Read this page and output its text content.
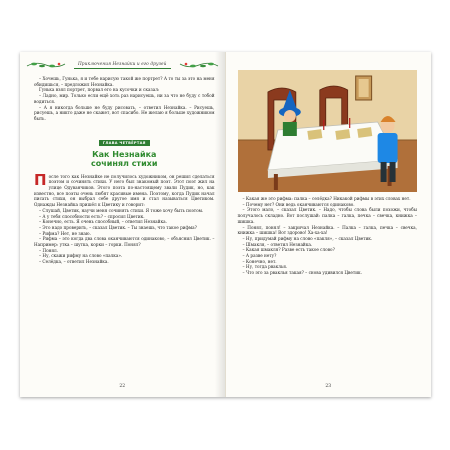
Приключения Незнайки и его друзей

– Хочешь, Гунька, я и тебе нарисую такой же портрет? А то ты за это на меня обидишься, – предложил Незнайка.

Гунька взял портрет, порвал его на кусочки и сказал:

– Ладно, мир. Только если ещё хоть раз нарисуешь, ни за что не буду с тобой водиться.

– А я никогда больше не буду рисовать, – ответил Незнайка. – Рисуешь, рисуешь, а никто даже не скажет, вот спасибо. Не желаю я больше художником быть.

ГЛАВА ЧЕТВЁРТАЯ
Как Незнайка
сочинял стихи

После того как Незнайке не получилось художником, он решил сделаться поэтом и сочинять стихи. У него был знакомый поэт. Этот поэт жил на улице Одуванчиков. Этого поэта по-настоящему звали Пудик, но, как известно, все поэты очень любят красивые имена. Поэтому, когда Пудик начал писать стихи, он выбрал себе другое имя и стал называться Цветиком. Однажды Незнайка пришёл к Цветику и говорит:

– Слушай, Цветик, научи меня сочинять стихи. Я тоже хочу быть поэтом.

– А у тебя способности есть? – спросил Цветик.

– Конечно, есть. Я очень способный, – ответил Незнайка.

– Это надо проверить, – сказал Цветик. – Ты знаешь, что такое рифма?

– Рифма? Нет, не знаю.

– Рифма – это когда два слова оканчиваются одинаково, – объяснил Цветик. – Например: утка – шутка, корки – горки. Понял?

– Понял.

– Ну, скажи рифму на слово «палка».

– Селёдка, – ответил Незнайка.

22

– Какая же это рифма: палка – селёдка? Никакой рифмы в этих словах нет.

– Почему нет? Они ведь оканчиваются одинаково.

– Этого мало, – сказал Цветик. – Надо, чтобы слова были похожи, чтобы получалось складно. Вот послушай: палка – галка, печка – свечка, книжка – шишка.

– Понял, понял! – закричал Незнайка. – Палка – галка, печка – свечка, книжка – шишка! Вот здорово! Ха-ха-ха!

– Ну, придумай рифму на слово «пакля», – сказал Цветик.

– Шмакля, – ответил Незнайка.

– Какая шмакля? Разве есть такое слово?

– А разве нету?

– Конечно, нет.

– Ну, тогда рваклья.

– Что это за рваклья такая? – снова удивился Цветик.

23
